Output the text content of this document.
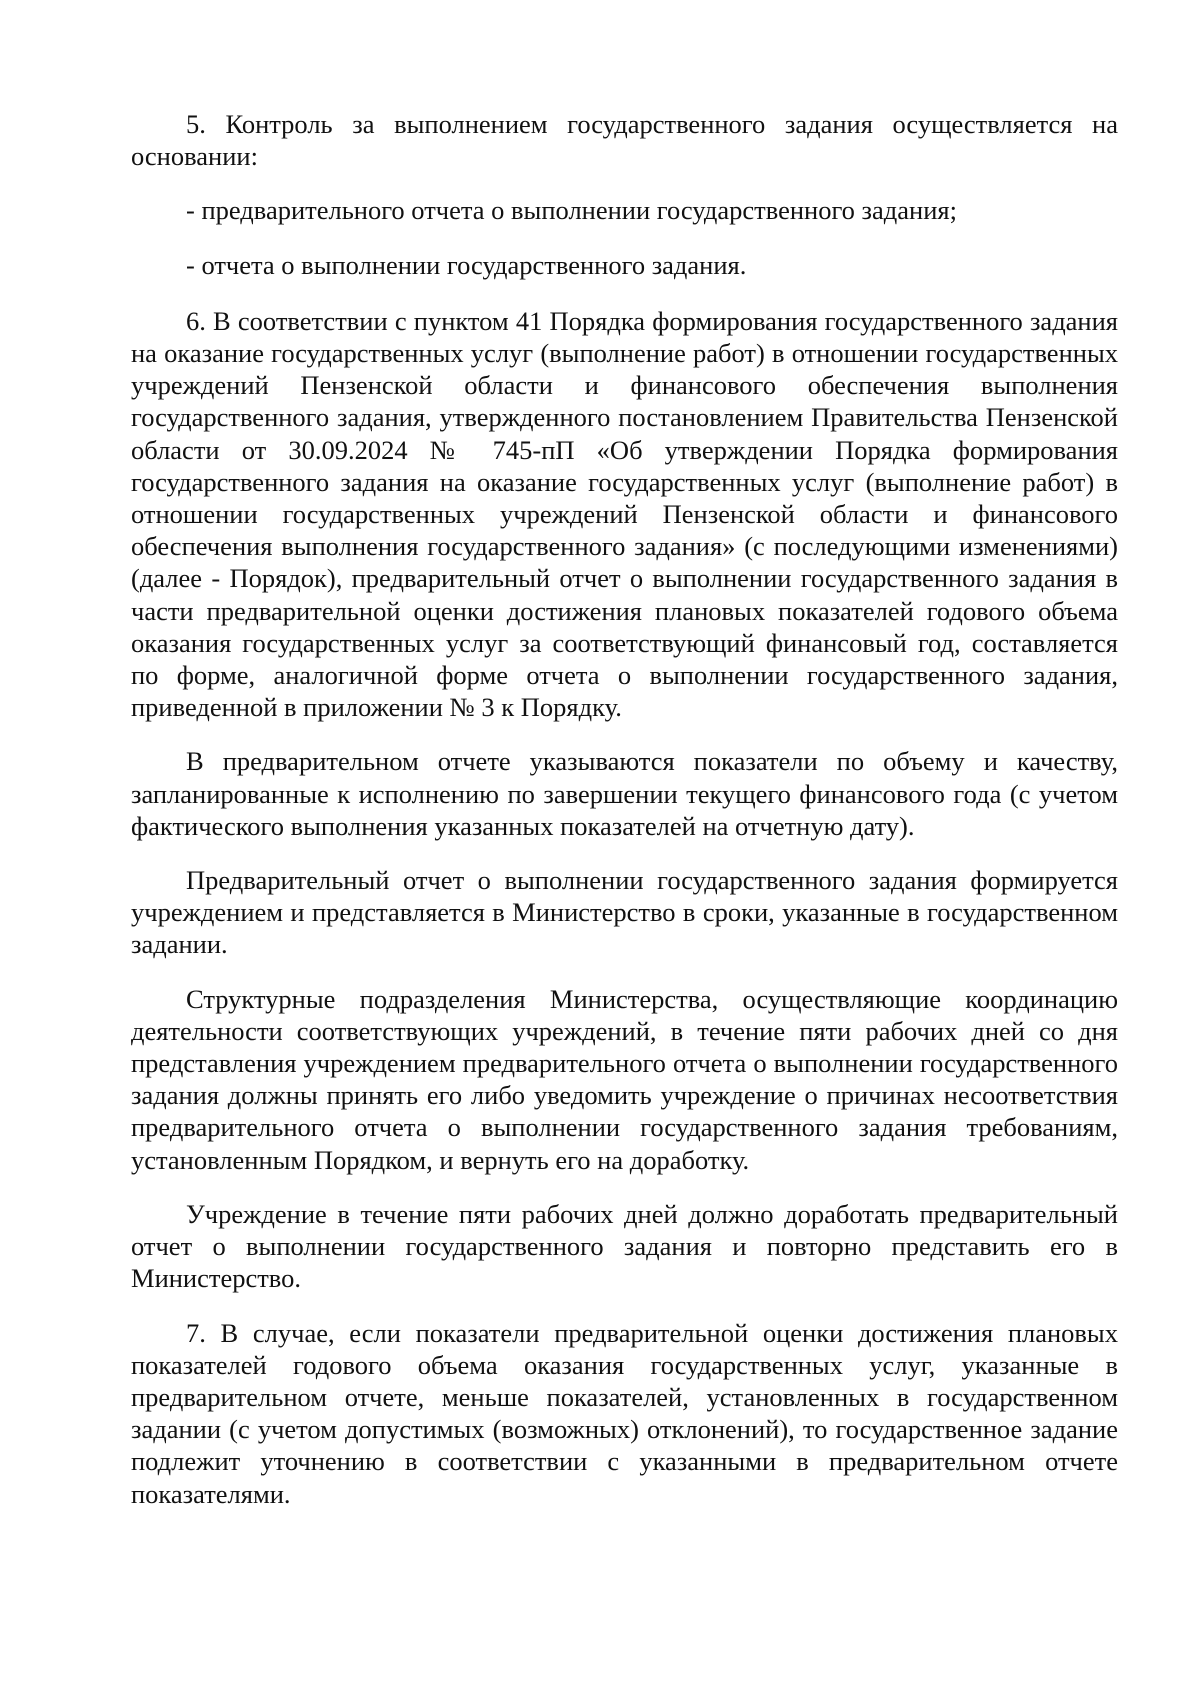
5. Контроль за выполнением государственного задания осуществляется на основании:

- предварительного отчета о выполнении государственного задания;

- отчета о выполнении государственного задания.

6. В соответствии с пунктом 41 Порядка формирования государственного задания на оказание государственных услуг (выполнение работ) в отношении государственных учреждений Пензенской области и финансового обеспечения выполнения государственного задания, утвержденного постановлением Правительства Пензенской области от 30.09.2024 № 745-пП «Об утверждении Порядка формирования государственного задания на оказание государственных услуг (выполнение работ) в отношении государственных учреждений Пензенской области и финансового обеспечения выполнения государственного задания» (с последующими изменениями) (далее - Порядок), предварительный отчет о выполнении государственного задания в части предварительной оценки достижения плановых показателей годового объема оказания государственных услуг за соответствующий финансовый год, составляется по форме, аналогичной форме отчета о выполнении государственного задания, приведенной в приложении № 3 к Порядку.

В предварительном отчете указываются показатели по объему и качеству, запланированные к исполнению по завершении текущего финансового года (с учетом фактического выполнения указанных показателей на отчетную дату).

Предварительный отчет о выполнении государственного задания формируется учреждением и представляется в Министерство в сроки, указанные в государственном задании.

Структурные подразделения Министерства, осуществляющие координацию деятельности соответствующих учреждений, в течение пяти рабочих дней со дня представления учреждением предварительного отчета о выполнении государственного задания должны принять его либо уведомить учреждение о причинах несоответствия предварительного отчета о выполнении государственного задания требованиям, установленным Порядком, и вернуть его на доработку.

Учреждение в течение пяти рабочих дней должно доработать предварительный отчет о выполнении государственного задания и повторно представить его в Министерство.

7. В случае, если показатели предварительной оценки достижения плановых показателей годового объема оказания государственных услуг, указанные в предварительном отчете, меньше показателей, установленных в государственном задании (с учетом допустимых (возможных) отклонений), то государственное задание подлежит уточнению в соответствии с указанными в предварительном отчете показателями.
